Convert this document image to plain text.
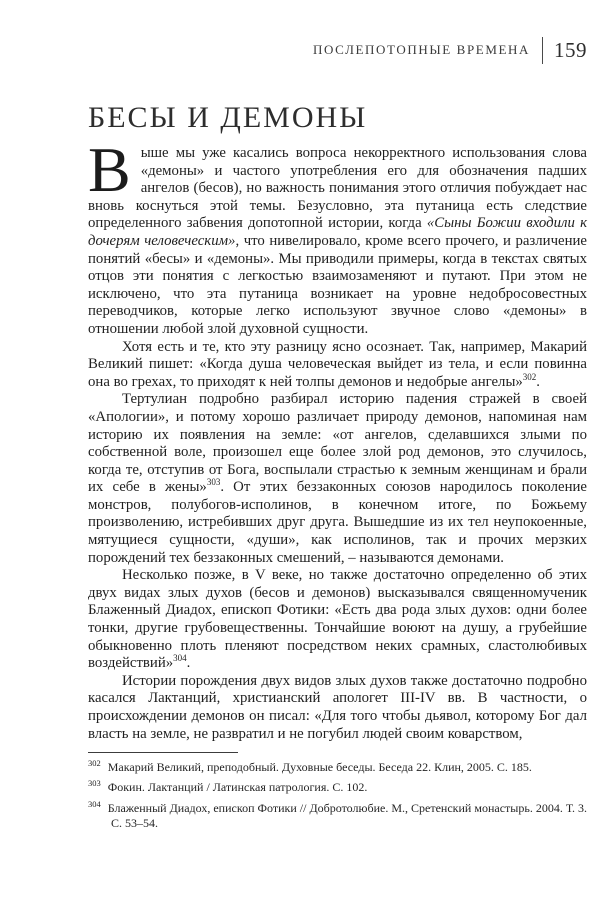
ПОСЛЕПОТОПНЫЕ ВРЕМЕНА	159
БЕСЫ И ДЕМОНЫ

Выше мы уже касались вопроса некорректного использования слова «демоны» и частого употребления его для обозначения падших ангелов (бесов), но важность понимания этого отличия побуждает нас вновь коснуться этой темы. Безусловно, эта путаница есть следствие определенного забвения допотопной истории, когда «Сыны Божии входили к дочерям человеческим», что нивелировало, кроме всего прочего, и различение понятий «бесы» и «демоны». Мы приводили примеры, когда в текстах святых отцов эти понятия с легкостью взаимозаменяют и путают. При этом не исключено, что эта путаница возникает на уровне недобросовестных переводчиков, которые легко используют звучное слово «демоны» в отношении любой злой духовной сущности.

Хотя есть и те, кто эту разницу ясно осознает. Так, например, Макарий Великий пишет: «Когда душа человеческая выйдет из тела, и если повинна она во грехах, то приходят к ней толпы демонов и недобрые ангелы»$^{302}$.

Тертулиан подробно разбирал историю падения стражей в своей «Апологии», и потому хорошо различает природу демонов, напоминая нам историю их появления на земле: «от ангелов, сделавшихся злыми по собственной воле, произошел еще более злой род демонов, это случилось, когда те, отступив от Бога, воспылали страстью к земным женщинам и брали их себе в жены»$^{303}$. От этих беззаконных союзов народилось поколение монстров, полубогов-исполинов, в конечном итоге, по Божьему произволению, истребивших друг друга. Вышедшие из их тел неупокоенные, мятущиеся сущности, «души», как исполинов, так и прочих мерзких порождений тех беззаконных смешений, – называются демонами.

Несколько позже, в V веке, но также достаточно определенно об этих двух видах злых духов (бесов и демонов) высказывался священномученик Блаженный Диадох, епископ Фотики: «Есть два рода злых духов: одни более тонки, другие грубовещественны. Тончайшие воюют на душу, а грубейшие обыкновенно плоть пленяют посредством неких срамных, сластолюбивых воздействий»$^{304}$.

Истории порождения двух видов злых духов также достаточно подробно касался Лактанций, христианский апологет III-IV вв. В частности, о происхождении демонов он писал: «Для того чтобы дьявол, которому Бог дал власть на земле, не развратил и не погубил людей своим коварством,

$^{302}$ Макарий Великий, преподобный. Духовные беседы. Беседа 22. Клин, 2005. С. 185.
$^{303}$ Фокин. Лактанций / Латинская патрология. С. 102.
$^{304}$ Блаженный Диадох, епископ Фотики // Добротолюбие. М., Сретенский монастырь. 2004. Т. 3. С. 53–54.
